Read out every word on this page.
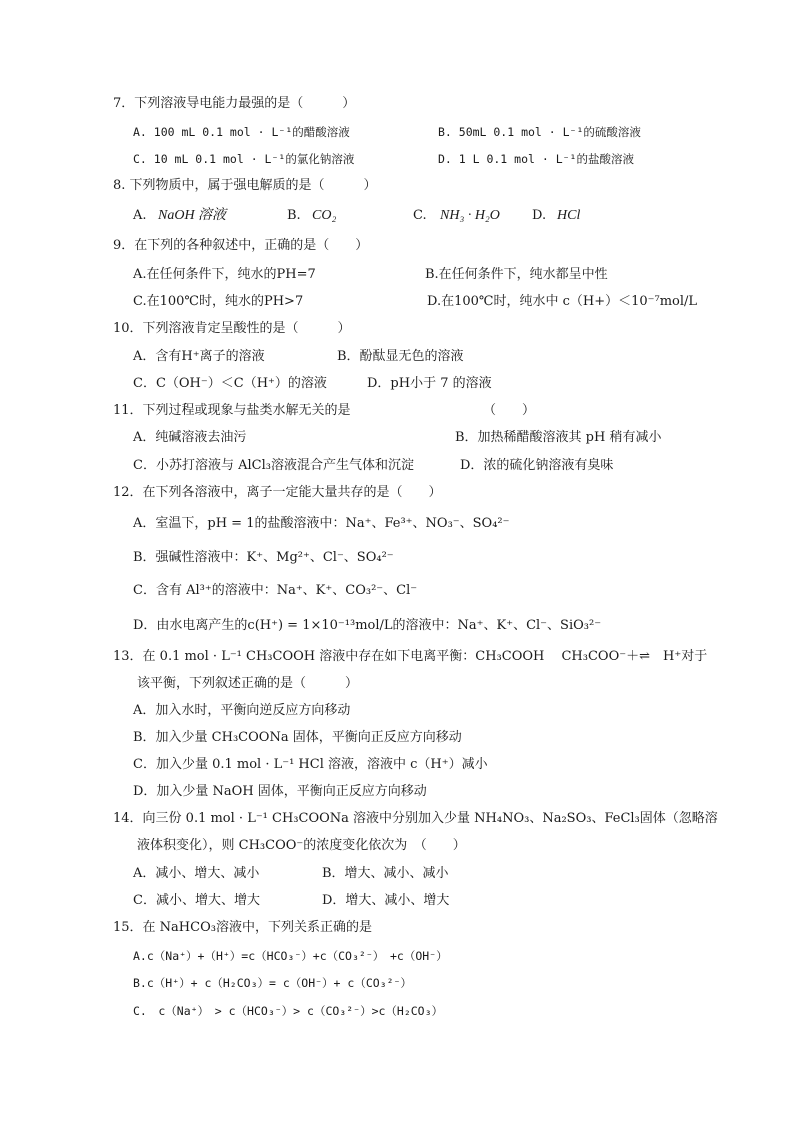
7．下列溶液导电能力最强的是（　　　）
A. 100 mL 0.1 mol · L⁻¹的醋酸溶液	B. 50mL 0.1 mol · L⁻¹的硫酸溶液
C. 10 mL 0.1 mol · L⁻¹的氯化钠溶液	D. 1 L 0.1 mol · L⁻¹的盐酸溶液
8. 下列物质中，属于强电解质的是（　　　）
A. NaOH 溶液	B. CO₂	C. NH₃ · H₂O D. HCl
9．在下列的各种叙述中，正确的是（　　）
A.在任何条件下，纯水的PH=7	B.在任何条件下，纯水都呈中性
C.在100℃时，纯水的PH>7	D.在100℃时，纯水中 c（H+）＜10⁻⁷mol/L
10．下列溶液肯定呈酸性的是（　　　）
A．含有H⁺离子的溶液	B．酚酞显无色的溶液
C．C（OH⁻）＜C（H⁺）的溶液	D．pH小于 7 的溶液
11．下列过程或现象与盐类水解无关的是	（　　）
A．纯碱溶液去油污	B．加热稀醋酸溶液其 pH 稍有减小
C．小苏打溶液与 AlCl₃溶液混合产生气体和沉淀	D．浓的硫化钠溶液有臭味
12．在下列各溶液中，离子一定能大量共存的是（　　）
A．室温下，pH = 1的盐酸溶液中：Na⁺、Fe³⁺、NO₃⁻、SO₄²⁻
B．强碱性溶液中：K⁺、Mg²⁺、Cl⁻、SO₄²⁻
C．含有 Al³⁺的溶液中：Na⁺、K⁺、CO₃²⁻、Cl⁻
D．由水电离产生的c(H⁺) = 1×10⁻¹³mol/L的溶液中：Na⁺、K⁺、Cl⁻、SiO₃²⁻
13．在 0.1 mol · L⁻¹ CH₃COOH 溶液中存在如下电离平衡：CH₃COOH　 CH₃COO⁻＋⇌　H⁺对于
该平衡，下列叙述正确的是（　　　）
A．加入水时，平衡向逆反应方向移动
B．加入少量 CH₃COONa 固体，平衡向正反应方向移动
C．加入少量 0.1 mol · L⁻¹ HCl 溶液，溶液中 c（H⁺）减小
D．加入少量 NaOH 固体，平衡向正反应方向移动
14．向三份 0.1 mol · L⁻¹ CH₃COONa 溶液中分别加入少量 NH₄NO₃、Na₂SO₃、FeCl₃固体（忽略溶
液体积变化），则 CH₃COO⁻的浓度变化依次为　（　　）
A．减小、增大、减小	B．增大、减小、减小
C．减小、增大、增大	D．增大、减小、增大
15．在 NaHCO₃溶液中，下列关系正确的是
A.c（Na⁺）+（H⁺）=c（HCO₃⁻）+c（CO₃²⁻）　+c（OH⁻）
B.c（H⁺）+ c（H₂CO₃）= c（OH⁻）+ c（CO₃²⁻）
C.　c（Na⁺）　> c（HCO₃⁻）> c（CO₃²⁻）>c（H₂CO₃）
